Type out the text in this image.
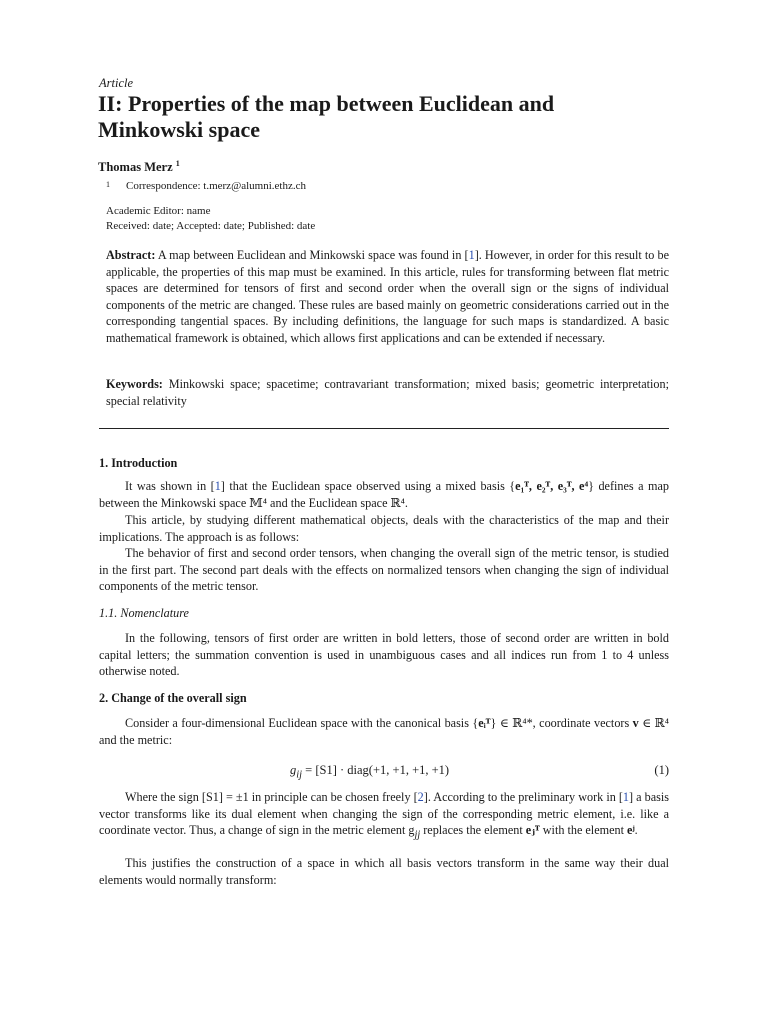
Article
II: Properties of the map between Euclidean and Minkowski space
Thomas Merz $^1$
1 Correspondence: t.merz@alumni.ethz.ch
Academic Editor: name
Received: date; Accepted: date; Published: date
Abstract: A map between Euclidean and Minkowski space was found in [1]. However, in order for this result to be applicable, the properties of this map must be examined. In this article, rules for transforming between flat metric spaces are determined for tensors of first and second order when the overall sign or the signs of individual components of the metric are changed. These rules are based mainly on geometric considerations carried out in the corresponding tangential spaces. By including definitions, the language for such maps is standardized. A basic mathematical framework is obtained, which allows first applications and can be extended if necessary.
Keywords: Minkowski space; spacetime; contravariant transformation; mixed basis; geometric interpretation; special relativity
1. Introduction
It was shown in [1] that the Euclidean space observed using a mixed basis {e₁ᵀ, e₂ᵀ, e₃ᵀ, e⁴} defines a map between the Minkowski space 𝕄⁴ and the Euclidean space ℝ⁴.
This article, by studying different mathematical objects, deals with the characteristics of the map and their implications. The approach is as follows:
The behavior of first and second order tensors, when changing the overall sign of the metric tensor, is studied in the first part. The second part deals with the effects on normalized tensors when changing the sign of individual components of the metric tensor.
1.1. Nomenclature
In the following, tensors of first order are written in bold letters, those of second order are written in bold capital letters; the summation convention is used in unambiguous cases and all indices run from 1 to 4 unless otherwise noted.
2. Change of the overall sign
Consider a four-dimensional Euclidean space with the canonical basis {eᵢᵀ} ∈ ℝ⁴*, coordinate vectors v ∈ ℝ⁴ and the metric:
$g_{ij} = [S1]$ · diag(+1, +1, +1, +1)	(1)
Where the sign [S1] = ±1 in principle can be chosen freely [2]. According to the preliminary work in [1] a basis vector transforms like its dual element when changing the sign of the corresponding metric element, i.e. like a coordinate vector. Thus, a change of sign in the metric element $g_{jj}$ replaces the element eⱼᵀ with the element eʲ.
This justifies the construction of a space in which all basis vectors transform in the same way their dual elements would normally transform:
